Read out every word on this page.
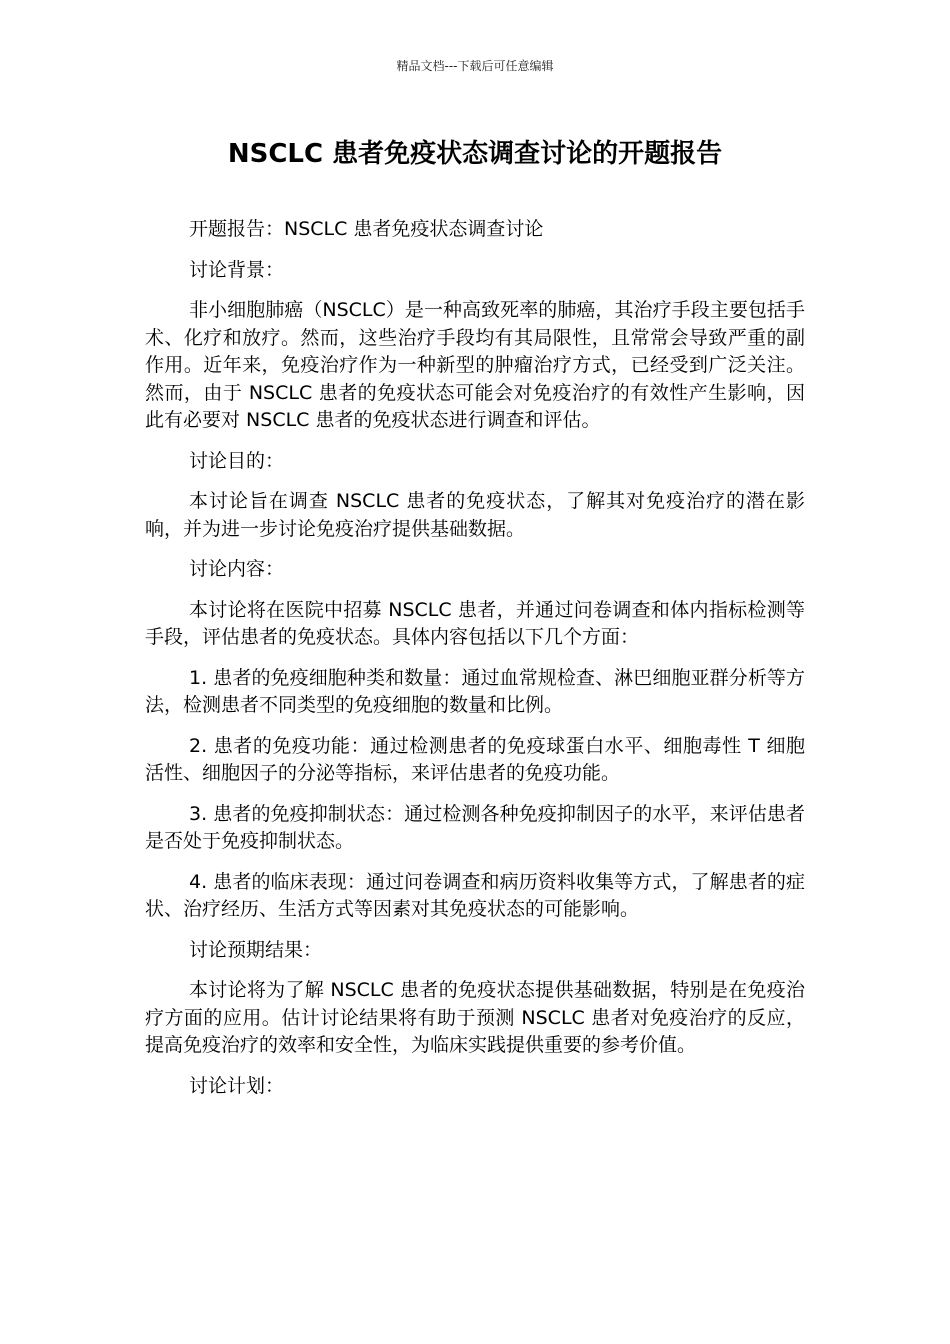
精品文档---下载后可任意编辑
NSCLC 患者免疫状态调查讨论的开题报告

开题报告：NSCLC 患者免疫状态调查讨论

讨论背景：

非小细胞肺癌（NSCLC）是一种高致死率的肺癌，其治疗手段主要包括手术、化疗和放疗。然而，这些治疗手段均有其局限性，且常常会导致严重的副作用。近年来，免疫治疗作为一种新型的肿瘤治疗方式，已经受到广泛关注。然而，由于 NSCLC 患者的免疫状态可能会对免疫治疗的有效性产生影响，因此有必要对 NSCLC 患者的免疫状态进行调查和评估。

讨论目的：

本讨论旨在调查 NSCLC 患者的免疫状态，了解其对免疫治疗的潜在影响，并为进一步讨论免疫治疗提供基础数据。

讨论内容：

本讨论将在医院中招募 NSCLC 患者，并通过问卷调查和体内指标检测等手段，评估患者的免疫状态。具体内容包括以下几个方面：

1. 患者的免疫细胞种类和数量：通过血常规检查、淋巴细胞亚群分析等方法，检测患者不同类型的免疫细胞的数量和比例。

2. 患者的免疫功能：通过检测患者的免疫球蛋白水平、细胞毒性 T 细胞活性、细胞因子的分泌等指标，来评估患者的免疫功能。

3. 患者的免疫抑制状态：通过检测各种免疫抑制因子的水平，来评估患者是否处于免疫抑制状态。

4. 患者的临床表现：通过问卷调查和病历资料收集等方式，了解患者的症状、治疗经历、生活方式等因素对其免疫状态的可能影响。

讨论预期结果：

本讨论将为了解 NSCLC 患者的免疫状态提供基础数据，特别是在免疫治疗方面的应用。估计讨论结果将有助于预测 NSCLC 患者对免疫治疗的反应，提高免疫治疗的效率和安全性，为临床实践提供重要的参考价值。

讨论计划：
